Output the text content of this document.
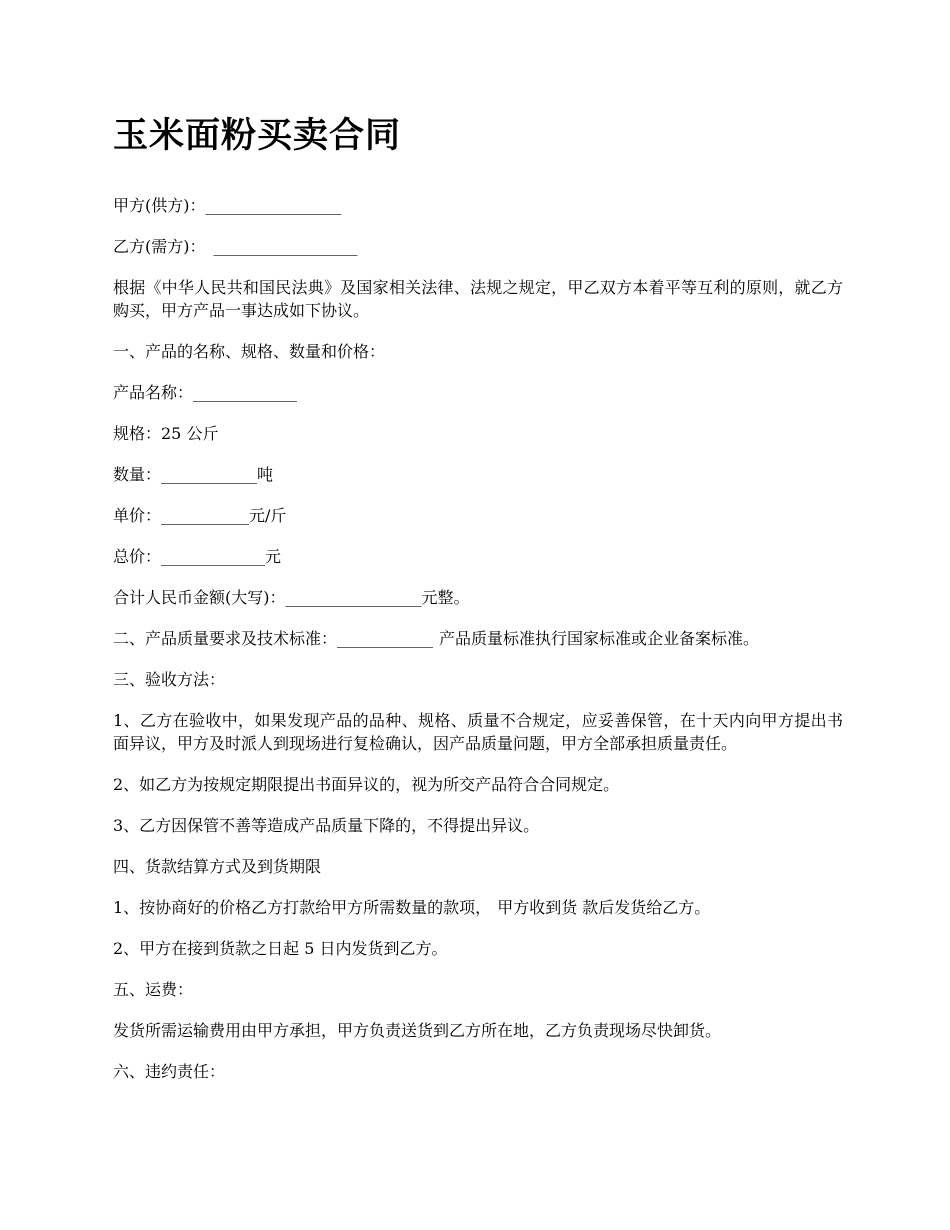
玉米面粉买卖合同

甲方(供方)：_________________

乙方(需方)： __________________

根据《中华人民共和国民法典》及国家相关法律、法规之规定，甲乙双方本着平等互利的原则，就乙方购买，甲方产品一事达成如下协议。

一、产品的名称、规格、数量和价格：

产品名称：_____________

规格：25 公斤

数量：____________吨

单价：___________元/斤

总价：_____________元

合计人民币金额(大写)：_________________元整。

二、产品质量要求及技术标准：____________ 产品质量标准执行国家标准或企业备案标准。

三、验收方法：

1、乙方在验收中，如果发现产品的品种、规格、质量不合规定，应妥善保管，在十天内向甲方提出书面异议，甲方及时派人到现场进行复检确认，因产品质量问题，甲方全部承担质量责任。

2、如乙方为按规定期限提出书面异议的，视为所交产品符合合同规定。

3、乙方因保管不善等造成产品质量下降的，不得提出异议。

四、货款结算方式及到货期限

1、按协商好的价格乙方打款给甲方所需数量的款项， 甲方收到货 款后发货给乙方。

2、甲方在接到货款之日起 5 日内发货到乙方。

五、运费：

发货所需运输费用由甲方承担，甲方负责送货到乙方所在地，乙方负责现场尽快卸货。

六、违约责任：
